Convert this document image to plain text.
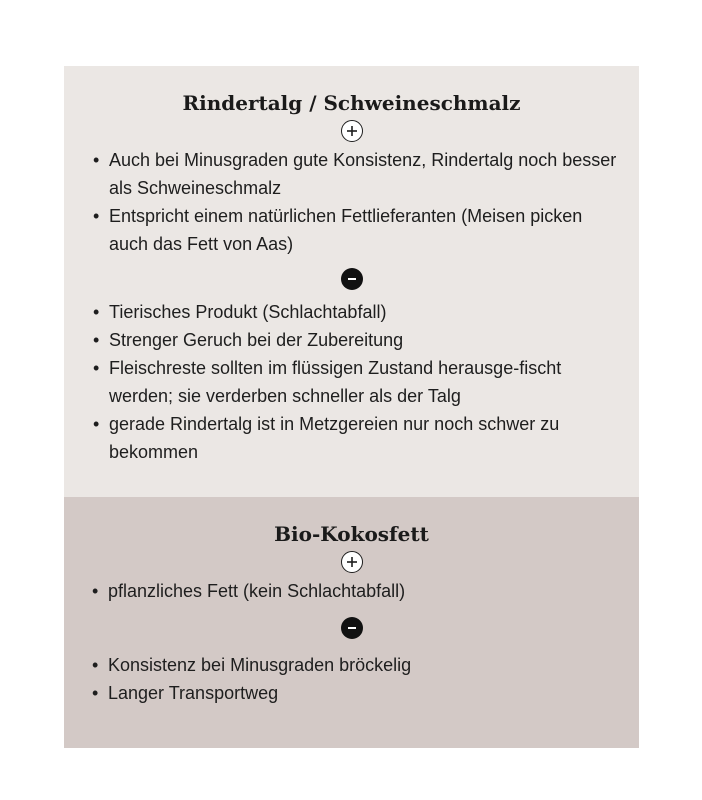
Rindertalg / Schweineschmalz
• Auch bei Minusgraden gute Konsistenz, Rindertalg noch besser als Schweineschmalz
• Entspricht einem natürlichen Fettlieferanten (Meisen picken auch das Fett von Aas)
• Tierisches Produkt (Schlachtabfall)
• Strenger Geruch bei der Zubereitung
• Fleischreste sollten im flüssigen Zustand herausge-fischt werden; sie verderben schneller als der Talg
• gerade Rindertalg ist in Metzgereien nur noch schwer zu bekommen
Bio-Kokosfett
• pflanzliches Fett (kein Schlachtabfall)
• Konsistenz bei Minusgraden bröckelig
• Langer Transportweg
